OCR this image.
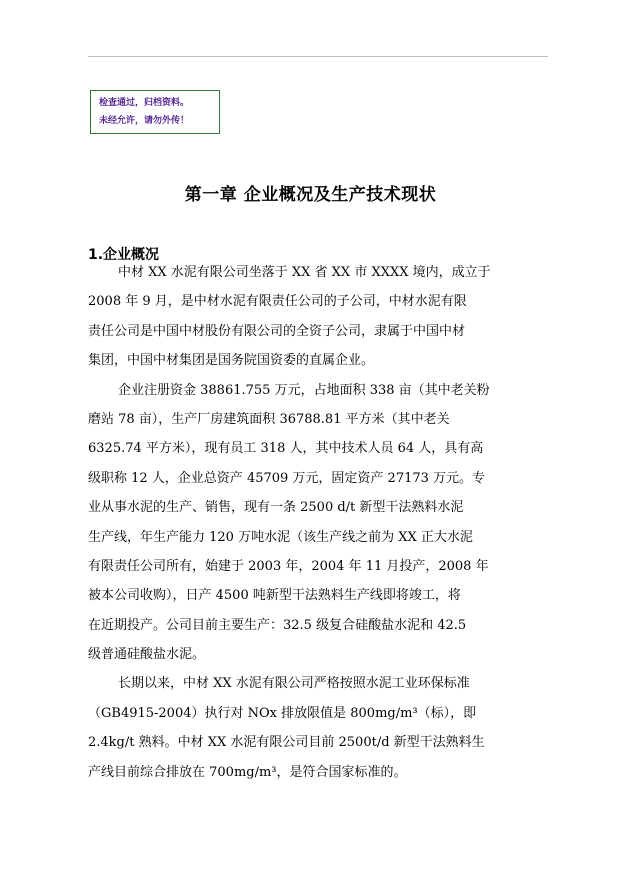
检查通过，归档资料。
未经允许，请勿外传！
第一章 企业概况及生产技术现状
1.企业概况
中材 XX 水泥有限公司坐落于 XX 省 XX 市 XXXX 境内，成立于
2008 年 9 月，是中材水泥有限责任公司的子公司，中材水泥有限
责任公司是中国中材股份有限公司的全资子公司，隶属于中国中材
集团，中国中材集团是国务院国资委的直属企业。
企业注册资金 38861.755 万元，占地面积 338 亩（其中老关粉
磨站 78 亩），生产厂房建筑面积 36788.81 平方米（其中老关
6325.74 平方米），现有员工 318 人，其中技术人员 64 人，具有高
级职称 12 人，企业总资产 45709 万元，固定资产 27173 万元。专
业从事水泥的生产、销售，现有一条 2500 d/t 新型干法熟料水泥
生产线，年生产能力 120 万吨水泥（该生产线之前为 XX 正大水泥
有限责任公司所有，始建于 2003 年，2004 年 11 月投产，2008 年
被本公司收购），日产 4500 吨新型干法熟料生产线即将竣工，将
在近期投产。公司目前主要生产：32.5 级复合硅酸盐水泥和 42.5
级普通硅酸盐水泥。
长期以来，中材 XX 水泥有限公司严格按照水泥工业环保标准
（GB4915-2004）执行对 NOx 排放限值是 800mg/m³（标），即
2.4kg/t 熟料。中材 XX 水泥有限公司目前 2500t/d 新型干法熟料生
产线目前综合排放在 700mg/m³，是符合国家标准的。
